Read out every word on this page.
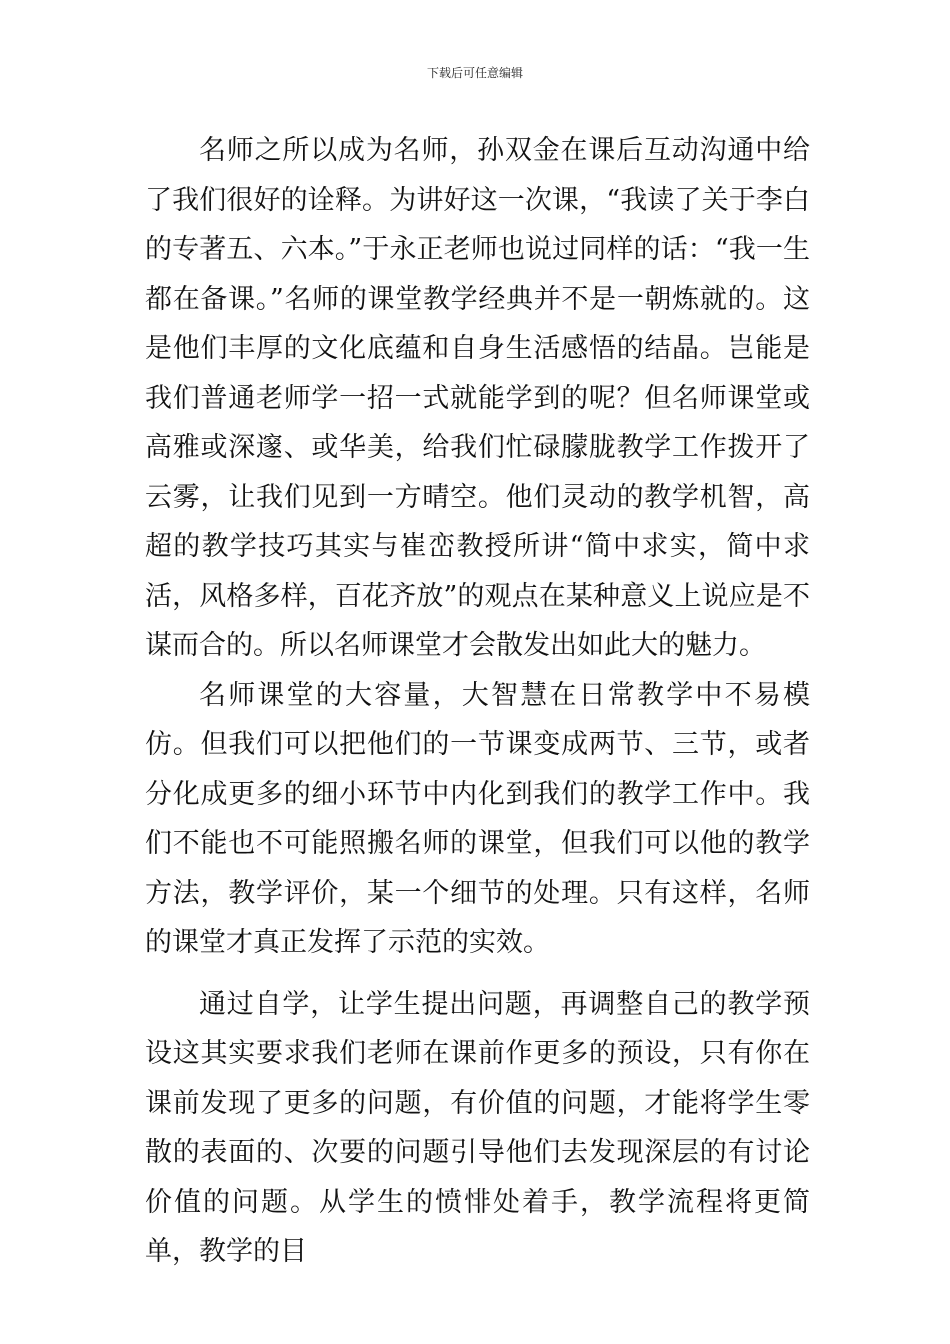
下载后可任意编辑

名师之所以成为名师，孙双金在课后互动沟通中给了我们很好的诠释。为讲好这一次课，“我读了关于李白的专著五、六本。”于永正老师也说过同样的话：“我一生都在备课。”名师的课堂教学经典并不是一朝炼就的。这是他们丰厚的文化底蕴和自身生活感悟的结晶。岂能是我们普通老师学一招一式就能学到的呢？但名师课堂或高雅或深邃、或华美，给我们忙碌朦胧教学工作拨开了云雾，让我们见到一方晴空。他们灵动的教学机智，高超的教学技巧其实与崔峦教授所讲“简中求实，简中求活，风格多样，百花齐放”的观点在某种意义上说应是不谋而合的。所以名师课堂才会散发出如此大的魅力。

名师课堂的大容量，大智慧在日常教学中不易模仿。但我们可以把他们的一节课变成两节、三节，或者分化成更多的细小环节中内化到我们的教学工作中。我们不能也不可能照搬名师的课堂，但我们可以他的教学方法，教学评价，某一个细节的处理。只有这样，名师的课堂才真正发挥了示范的实效。

通过自学，让学生提出问题，再调整自己的教学预设这其实要求我们老师在课前作更多的预设，只有你在课前发现了更多的问题，有价值的问题，才能将学生零散的表面的、次要的问题引导他们去发现深层的有讨论价值的问题。从学生的愤悱处着手，教学流程将更简单，教学的目
